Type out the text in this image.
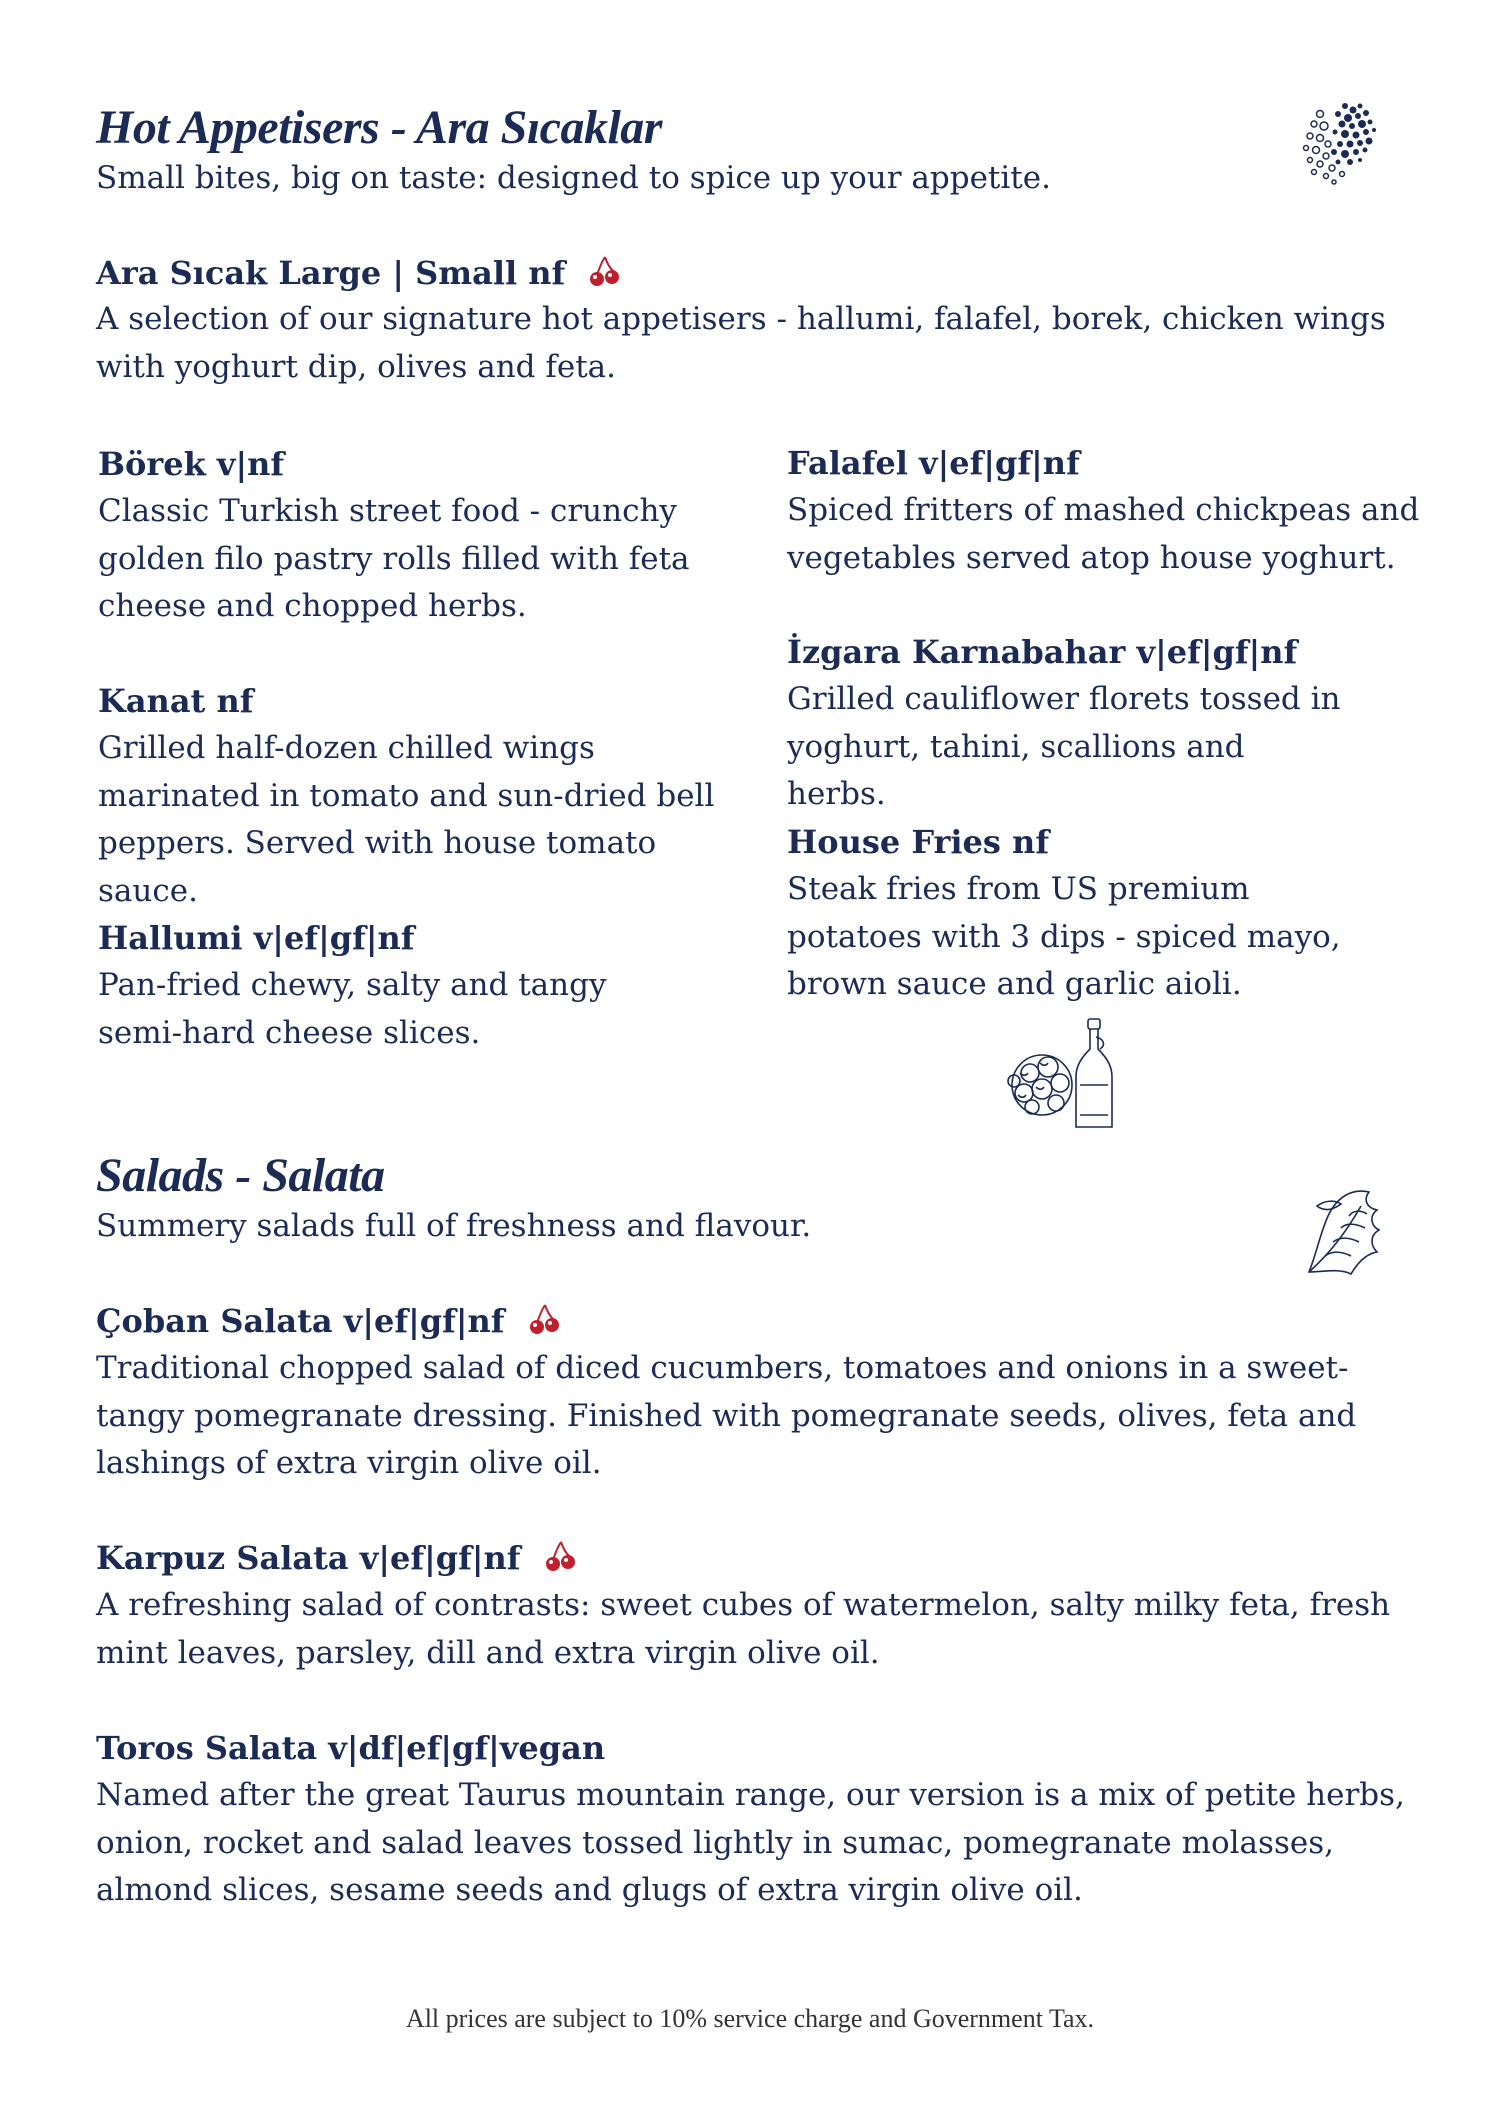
Hot Appetisers - Ara Sıcaklar
Small bites, big on taste: designed to spice up your appetite.
Ara Sıcak Large | Small nf
A selection of our signature hot appetisers - hallumi, falafel, borek, chicken wings with yoghurt dip, olives and feta.
Börek v|nf
Classic Turkish street food - crunchy golden filo pastry rolls filled with feta cheese and chopped herbs.
Kanat nf
Grilled half-dozen chilled wings marinated in tomato and sun-dried bell peppers. Served with house tomato sauce.
Hallumi v|ef|gf|nf
Pan-fried chewy, salty and tangy semi-hard cheese slices.
Falafel v|ef|gf|nf
Spiced fritters of mashed chickpeas and vegetables served atop house yoghurt.
İzgara Karnabahar v|ef|gf|nf
Grilled cauliflower florets tossed in yoghurt, tahini, scallions and herbs.
House Fries nf
Steak fries from US premium potatoes with 3 dips - spiced mayo, brown sauce and garlic aioli.
Salads - Salata
Summery salads full of freshness and flavour.
Çoban Salata v|ef|gf|nf
Traditional chopped salad of diced cucumbers, tomatoes and onions in a sweet-tangy pomegranate dressing. Finished with pomegranate seeds, olives, feta and lashings of extra virgin olive oil.
Karpuz Salata v|ef|gf|nf
A refreshing salad of contrasts: sweet cubes of watermelon, salty milky feta, fresh mint leaves, parsley, dill and extra virgin olive oil.
Toros Salata v|df|ef|gf|vegan
Named after the great Taurus mountain range, our version is a mix of petite herbs, onion, rocket and salad leaves tossed lightly in sumac, pomegranate molasses, almond slices, sesame seeds and glugs of extra virgin olive oil.
All prices are subject to 10% service charge and Government Tax.
